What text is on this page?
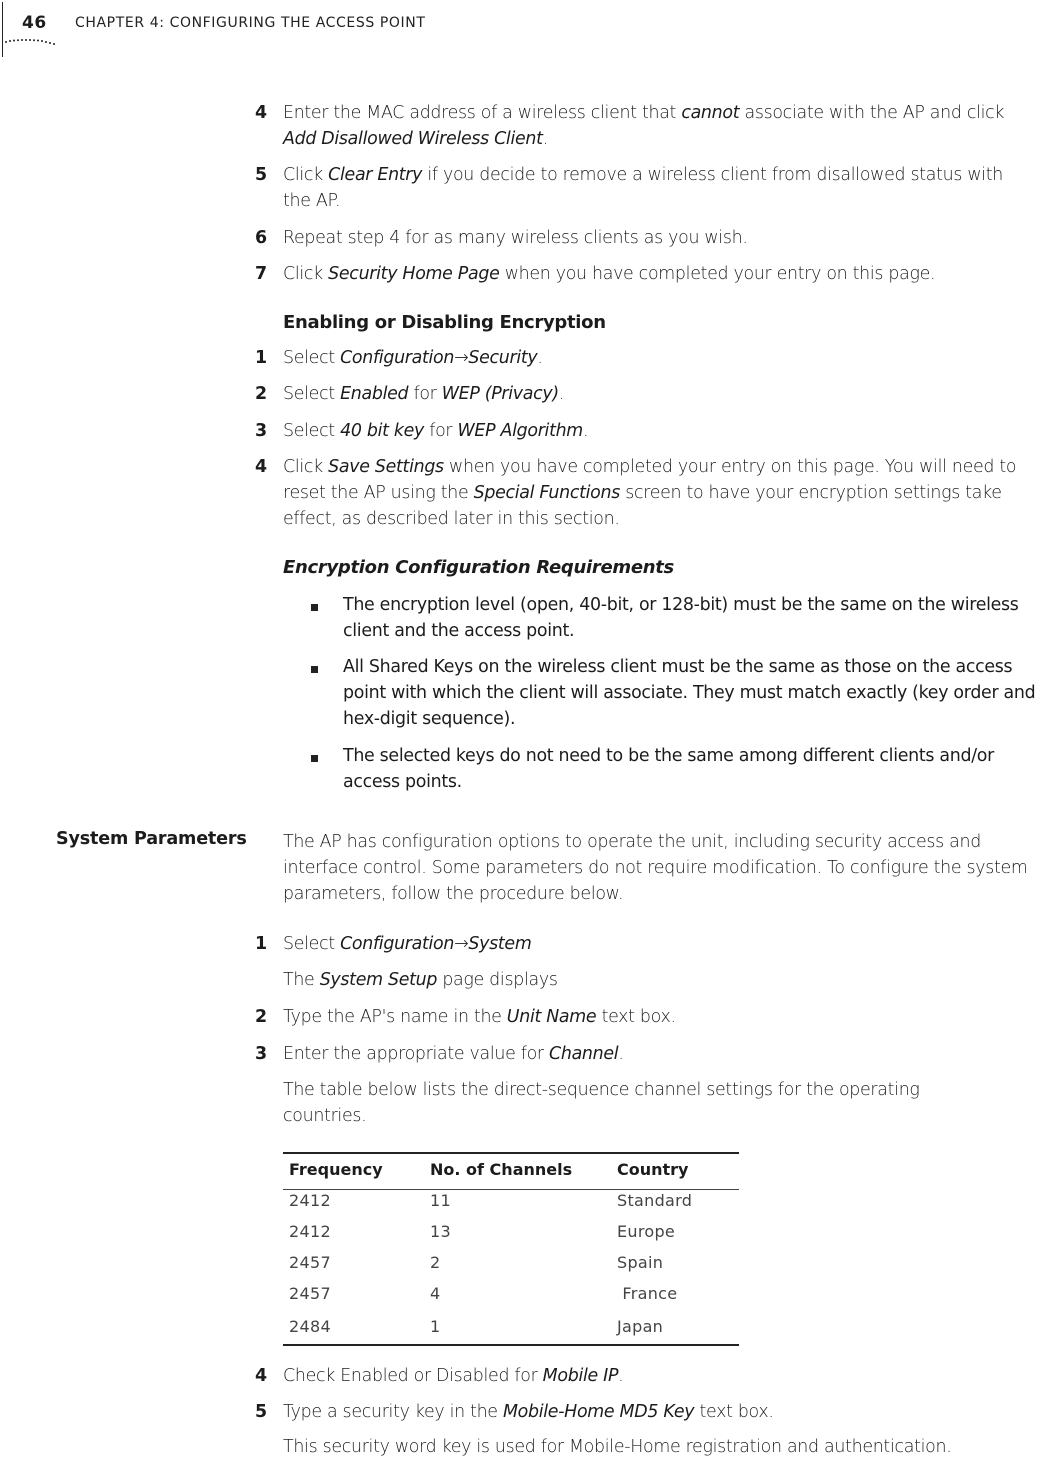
46 CHAPTER 4: CONFIGURING THE ACCESS POINT
4 Enter the MAC address of a wireless client that cannot associate with the AP and click Add Disallowed Wireless Client.
5 Click Clear Entry if you decide to remove a wireless client from disallowed status with the AP.
6 Repeat step 4 for as many wireless clients as you wish.
7 Click Security Home Page when you have completed your entry on this page.
Enabling or Disabling Encryption
1 Select Configuration→Security.
2 Select Enabled for WEP (Privacy).
3 Select 40 bit key for WEP Algorithm.
4 Click Save Settings when you have completed your entry on this page. You will need to reset the AP using the Special Functions screen to have your encryption settings take effect, as described later in this section.
Encryption Configuration Requirements
The encryption level (open, 40-bit, or 128-bit) must be the same on the wireless client and the access point.
All Shared Keys on the wireless client must be the same as those on the access point with which the client will associate. They must match exactly (key order and hex-digit sequence).
The selected keys do not need to be the same among different clients and/or access points.
System Parameters The AP has configuration options to operate the unit, including security access and interface control. Some parameters do not require modification. To configure the system parameters, follow the procedure below.
1 Select Configuration→System
The System Setup page displays
2 Type the AP's name in the Unit Name text box.
3 Enter the appropriate value for Channel.
The table below lists the direct-sequence channel settings for the operating countries.
Frequency	No. of Channels	Country
2412	11	Standard
2412	13	Europe
2457	2	Spain
2457	4	France
2484	1	Japan
4 Check Enabled or Disabled for Mobile IP.
5 Type a security key in the Mobile-Home MD5 Key text box.
This security word key is used for Mobile-Home registration and authentication.
